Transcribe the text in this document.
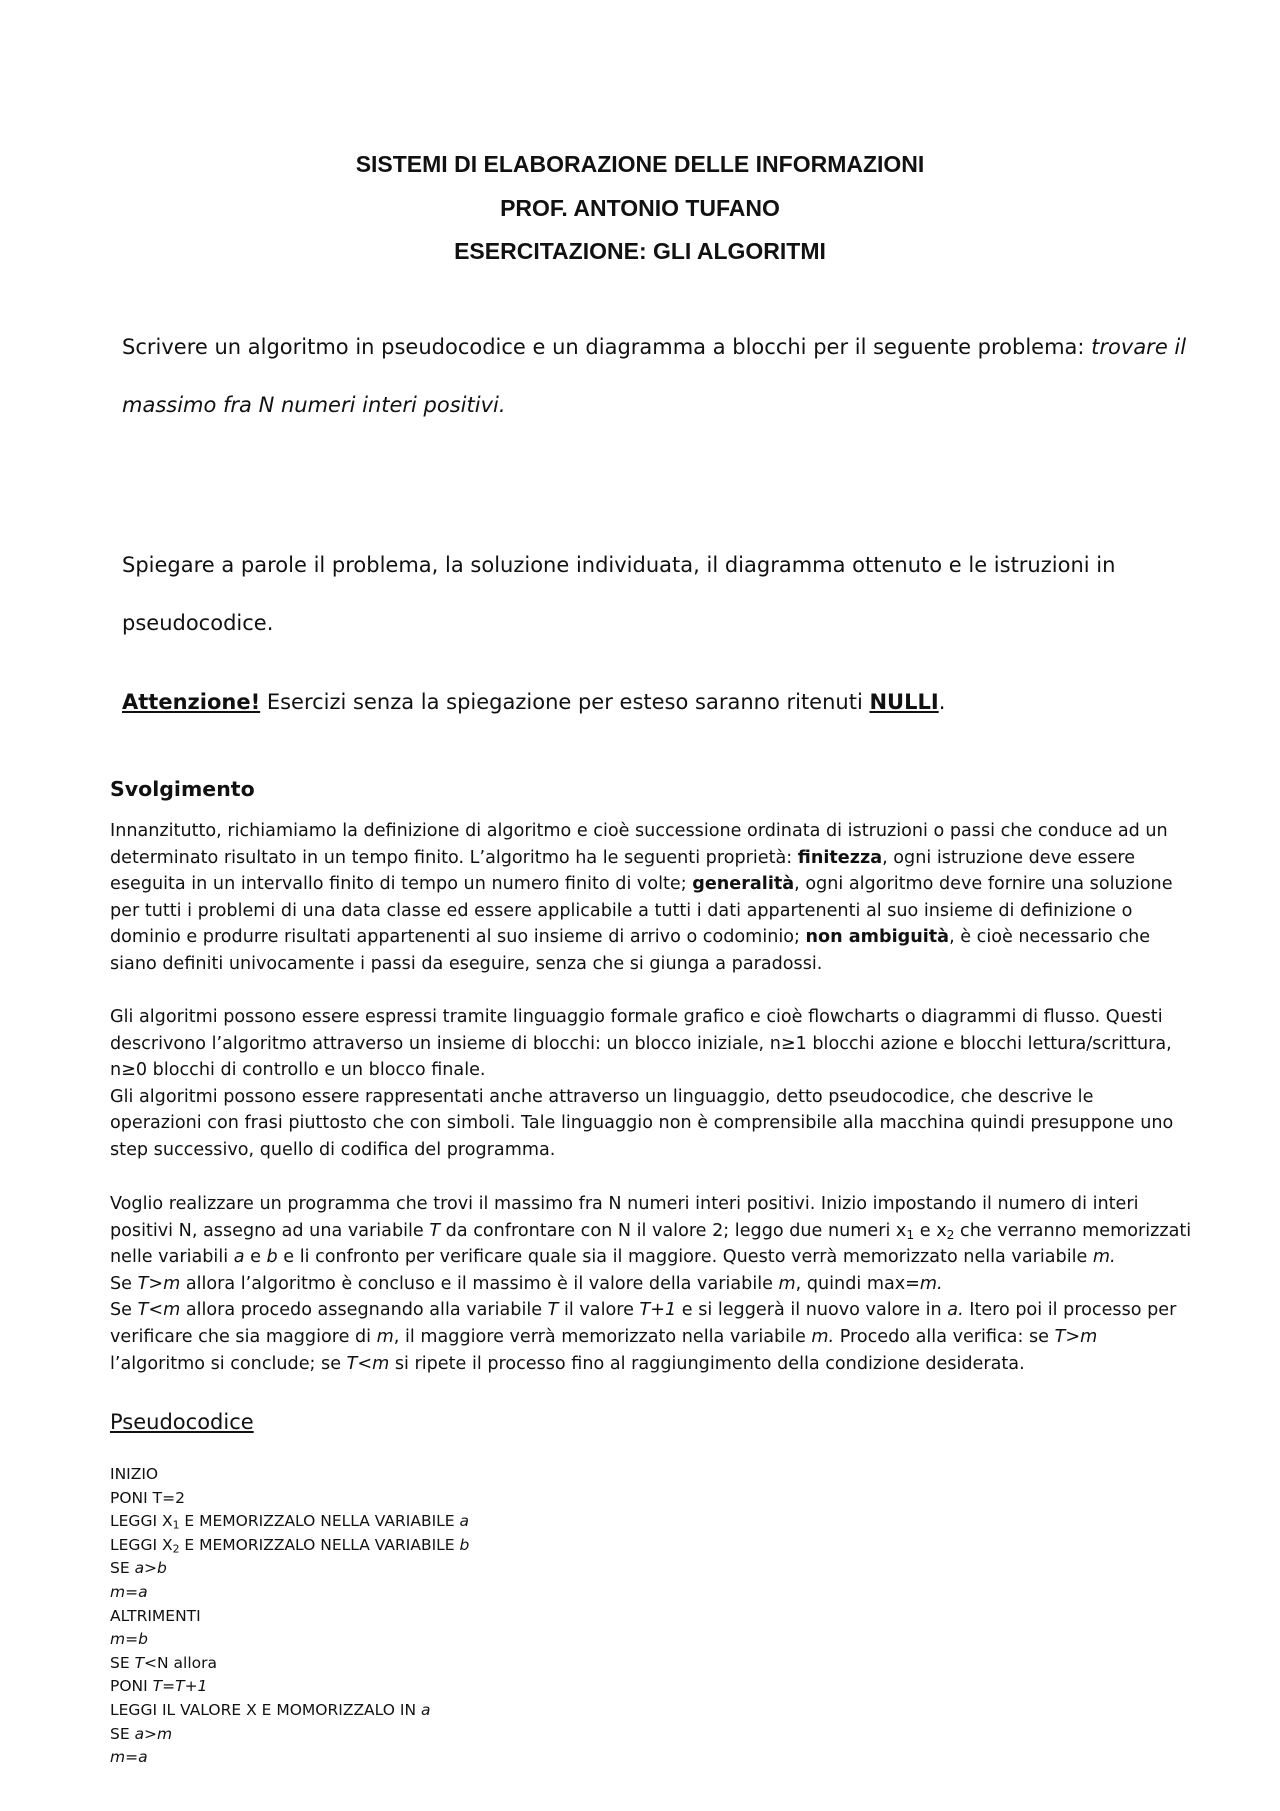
SISTEMI DI ELABORAZIONE DELLE INFORMAZIONI
PROF. ANTONIO TUFANO
ESERCITAZIONE: GLI ALGORITMI
Scrivere un algoritmo in pseudocodice e un diagramma a blocchi per il seguente problema: trovare il
massimo fra N numeri interi positivi.
Spiegare a parole il problema, la soluzione individuata, il diagramma ottenuto e le istruzioni in
pseudocodice.
Attenzione! Esercizi senza la spiegazione per esteso saranno ritenuti NULLI.
Svolgimento
Innanzitutto, richiamiamo la definizione di algoritmo e cioè successione ordinata di istruzioni o passi che conduce ad un
determinato risultato in un tempo finito. L’algoritmo ha le seguenti proprietà: finitezza, ogni istruzione deve essere
eseguita in un intervallo finito di tempo un numero finito di volte; generalità, ogni algoritmo deve fornire una soluzione
per tutti i problemi di una data classe ed essere applicabile a tutti i dati appartenenti al suo insieme di definizione o
dominio e produrre risultati appartenenti al suo insieme di arrivo o codominio; non ambiguità, è cioè necessario che
siano definiti univocamente i passi da eseguire, senza che si giunga a paradossi.
Gli algoritmi possono essere espressi tramite linguaggio formale grafico e cioè flowcharts o diagrammi di flusso. Questi
descrivono l’algoritmo attraverso un insieme di blocchi: un blocco iniziale, n≥1 blocchi azione e blocchi lettura/scrittura,
n≥0 blocchi di controllo e un blocco finale.
Gli algoritmi possono essere rappresentati anche attraverso un linguaggio, detto pseudocodice, che descrive le
operazioni con frasi piuttosto che con simboli. Tale linguaggio non è comprensibile alla macchina quindi presuppone uno
step successivo, quello di codifica del programma.
Voglio realizzare un programma che trovi il massimo fra N numeri interi positivi. Inizio impostando il numero di interi
positivi N, assegno ad una variabile T da confrontare con N il valore 2; leggo due numeri $x_1$ e $x_2$ che verranno memorizzati
nelle variabili a e b e li confronto per verificare quale sia il maggiore. Questo verrà memorizzato nella variabile m.
Se T>m allora l’algoritmo è concluso e il massimo è il valore della variabile m, quindi max=m.
Se T<m allora procedo assegnando alla variabile T il valore T+1 e si leggerà il nuovo valore in a. Itero poi il processo per
verificare che sia maggiore di m, il maggiore verrà memorizzato nella variabile m. Procedo alla verifica: se T>m
l’algoritmo si conclude; se T<m si ripete il processo fino al raggiungimento della condizione desiderata.
Pseudocodice
INIZIO
PONI T=2
LEGGI $X_1$ E MEMORIZZALO NELLA VARIABILE a
LEGGI $X_2$ E MEMORIZZALO NELLA VARIABILE b
SE a>b
m=a
ALTRIMENTI
m=b
SE T<N allora
PONI T=T+1
LEGGI IL VALORE X E MOMORIZZALO IN a
SE a>m
m=a
